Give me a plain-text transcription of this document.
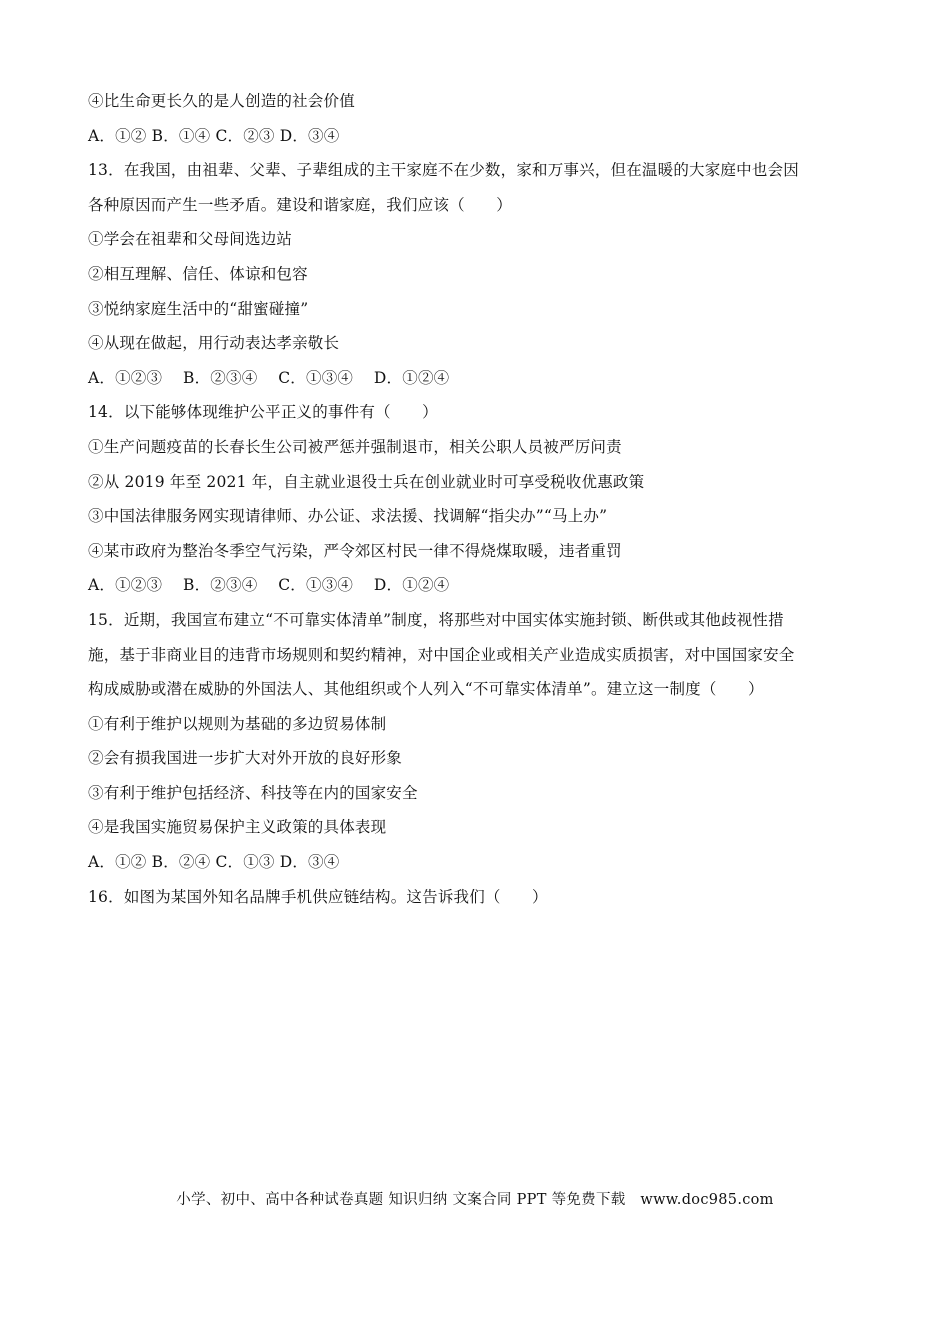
④比生命更长久的是人创造的社会价值
A．①② B．①④ C．②③ D．③④
13．在我国，由祖辈、父辈、子辈组成的主干家庭不在少数，家和万事兴，但在温暖的大家庭中也会因
各种原因而产生一些矛盾。建设和谐家庭，我们应该（　　）
①学会在祖辈和父母间选边站
②相互理解、信任、体谅和包容
③悦纳家庭生活中的“甜蜜碰撞”
④从现在做起，用行动表达孝亲敬长
A．①②③　 B．②③④　 C．①③④　 D．①②④
14．以下能够体现维护公平正义的事件有（　　）
①生产问题疫苗的长春长生公司被严惩并强制退市，相关公职人员被严厉问责
②从 2019 年至 2021 年，自主就业退役士兵在创业就业时可享受税收优惠政策
③中国法律服务网实现请律师、办公证、求法援、找调解“指尖办”“马上办”
④某市政府为整治冬季空气污染，严令郊区村民一律不得烧煤取暖，违者重罚
A．①②③　 B．②③④　 C．①③④　 D．①②④
15．近期，我国宣布建立“不可靠实体清单”制度，将那些对中国实体实施封锁、断供或其他歧视性措
施，基于非商业目的违背市场规则和契约精神，对中国企业或相关产业造成实质损害，对中国国家安全
构成威胁或潜在威胁的外国法人、其他组织或个人列入“不可靠实体清单”。建立这一制度（　　）
①有利于维护以规则为基础的多边贸易体制
②会有损我国进一步扩大对外开放的良好形象
③有利于维护包括经济、科技等在内的国家安全
④是我国实施贸易保护主义政策的具体表现
A．①② B．②④ C．①③ D．③④
16．如图为某国外知名品牌手机供应链结构。这告诉我们（　　）
小学、初中、高中各种试卷真题 知识归纳 文案合同 PPT 等免费下载　www.doc985.com
